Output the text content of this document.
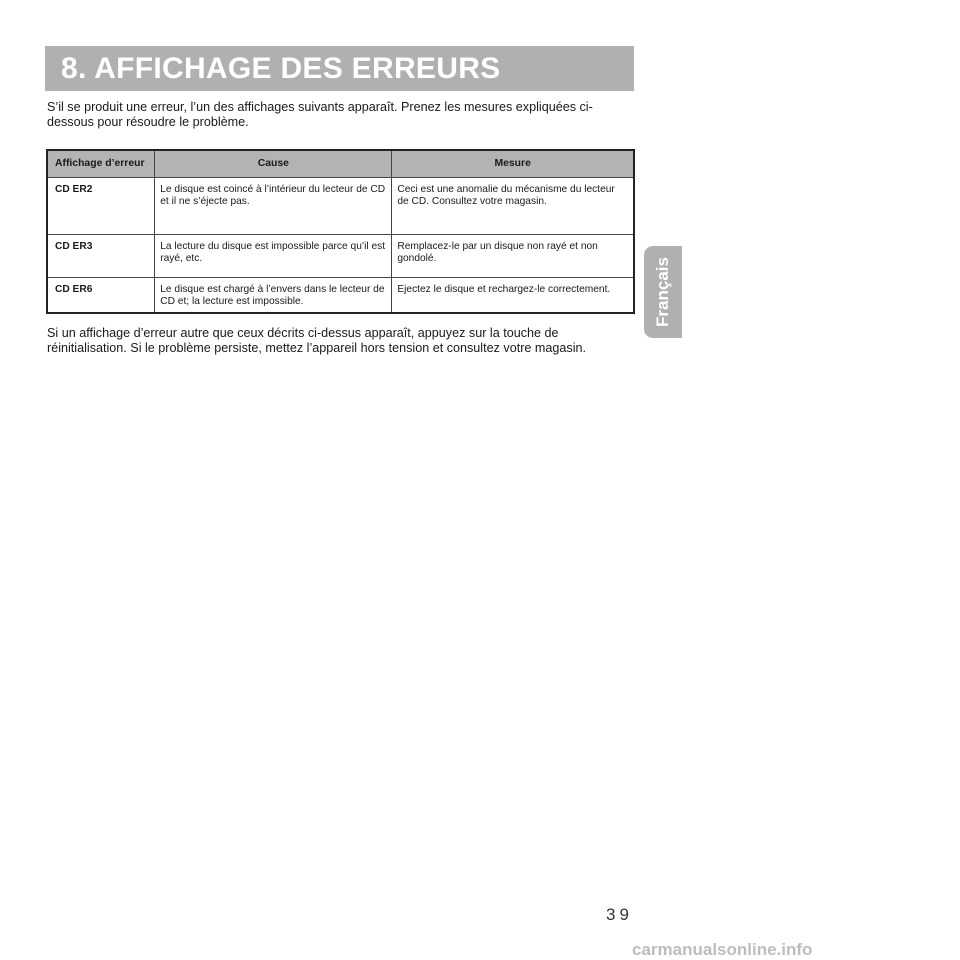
8. AFFICHAGE DES ERREURS

S’il se produit une erreur, l’un des affichages suivants apparaît. Prenez les mesures expliquées ci-dessous pour résoudre le problème.

Affichage d’erreur	Cause	Mesure
CD ER2	Le disque est coincé à l’intérieur du lecteur de CD et il ne s’éjecte pas.	Ceci est une anomalie du mécanisme du lecteur de CD. Consultez votre magasin.
CD ER3	La lecture du disque est impossible parce qu’il est rayé, etc.	Remplacez-le par un disque non rayé et non gondolé.
CD ER6	Le disque est chargé à l’envers dans le lecteur de CD et; la lecture est impossible.	Ejectez le disque et rechargez-le correctement.

Si un affichage d’erreur autre que ceux décrits ci-dessus apparaît, appuyez sur la touche de réinitialisation. Si le problème persiste, mettez l’appareil hors tension et consultez votre magasin.

Français
39
carmanualsonline.info
